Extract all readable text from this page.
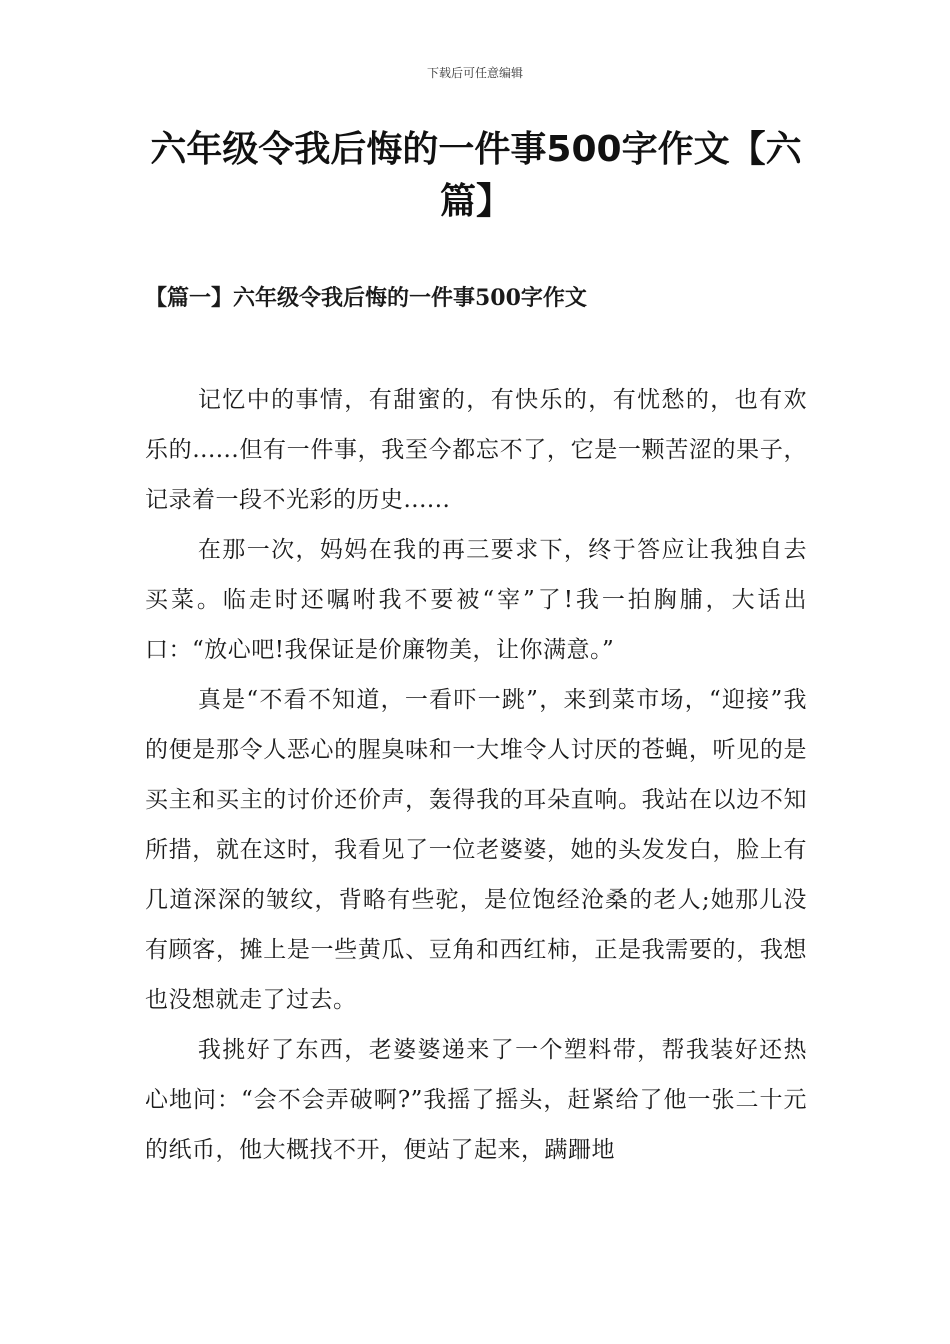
下载后可任意编辑
六年级令我后悔的一件事500字作文【六篇】
【篇一】六年级令我后悔的一件事500字作文

记忆中的事情，有甜蜜的，有快乐的，有忧愁的，也有欢乐的......但有一件事，我至今都忘不了，它是一颗苦涩的果子，记录着一段不光彩的历史......

在那一次，妈妈在我的再三要求下，终于答应让我独自去买菜。临走时还嘱咐我不要被“宰”了!我一拍胸脯，大话出口：“放心吧!我保证是价廉物美，让你满意。”

真是“不看不知道，一看吓一跳”，来到菜市场，“迎接”我的便是那令人恶心的腥臭味和一大堆令人讨厌的苍蝇，听见的是买主和买主的讨价还价声，轰得我的耳朵直响。我站在以边不知所措，就在这时，我看见了一位老婆婆，她的头发发白，脸上有几道深深的皱纹，背略有些驼，是位饱经沧桑的老人;她那儿没有顾客，摊上是一些黄瓜、豆角和西红柿，正是我需要的，我想也没想就走了过去。

我挑好了东西，老婆婆递来了一个塑料带，帮我装好还热心地问：“会不会弄破啊?”我摇了摇头，赶紧给了他一张二十元的纸币，他大概找不开，便站了起来，蹒跚地
